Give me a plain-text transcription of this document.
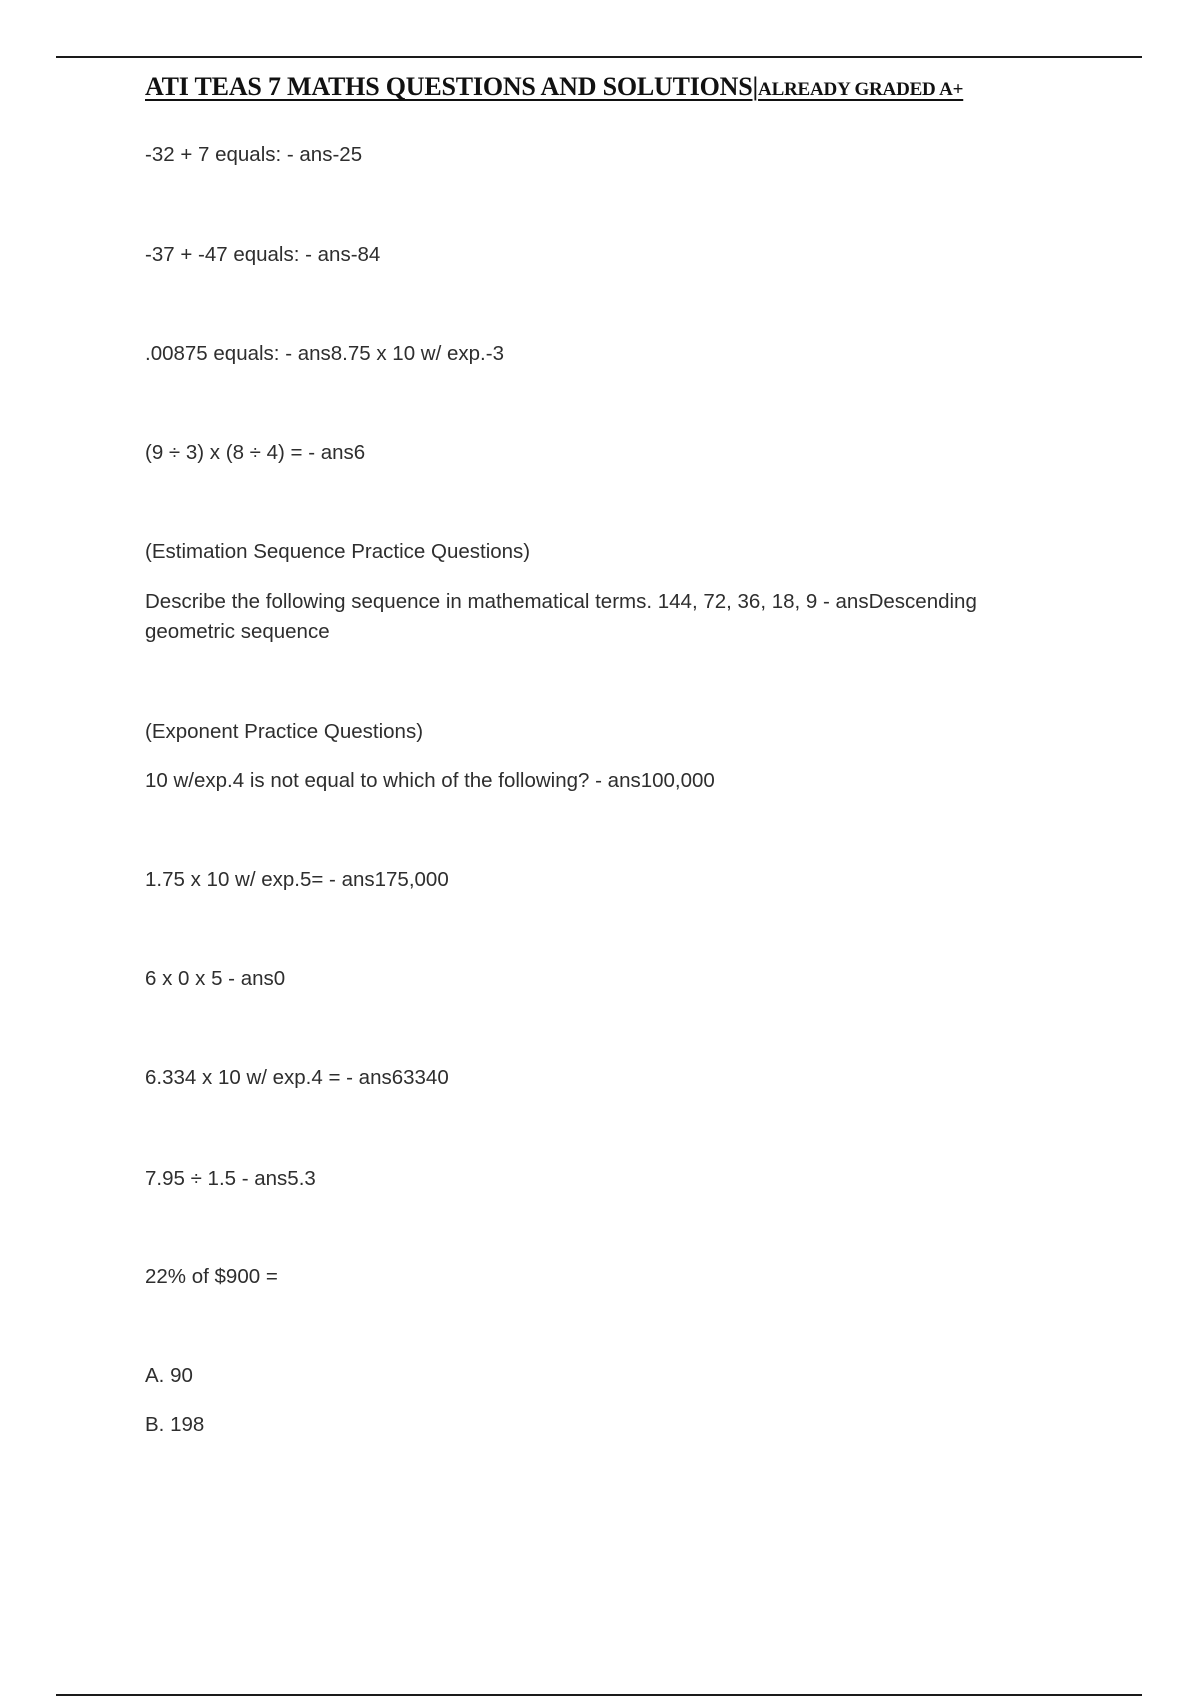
ATI TEAS 7 MATHS QUESTIONS AND SOLUTIONS|ALREADY GRADED A+

-32 + 7 equals: - ans-25

-37 + -47 equals: - ans-84

.00875 equals: - ans8.75 x 10 w/ exp.-3

(9 ÷ 3) x (8 ÷ 4) = - ans6

(Estimation Sequence Practice Questions)

Describe the following sequence in mathematical terms. 144, 72, 36, 18, 9 - ansDescending geometric sequence

(Exponent Practice Questions)

10 w/exp.4 is not equal to which of the following? - ans100,000

1.75 x 10 w/ exp.5= - ans175,000

6 x 0 x 5 - ans0

6.334 x 10 w/ exp.4 = - ans63340

7.95 ÷ 1.5 - ans5.3

22% of $900 =

A. 90

B. 198
